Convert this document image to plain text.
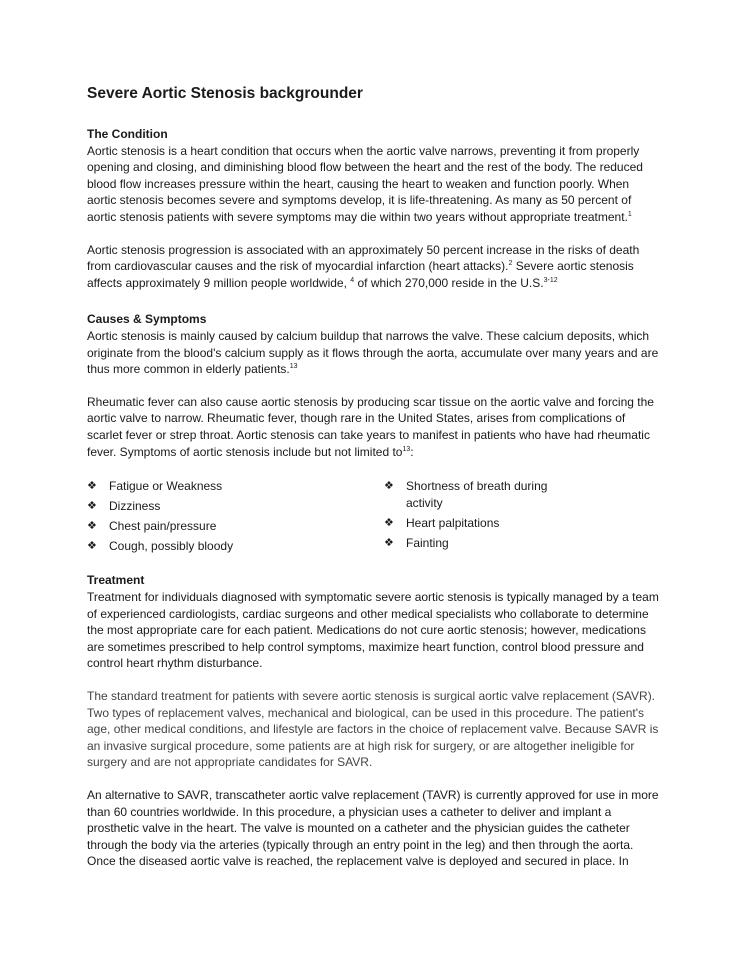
Severe Aortic Stenosis backgrounder
The Condition

Aortic stenosis is a heart condition that occurs when the aortic valve narrows, preventing it from properly opening and closing, and diminishing blood flow between the heart and the rest of the body. The reduced blood flow increases pressure within the heart, causing the heart to weaken and function poorly. When aortic stenosis becomes severe and symptoms develop, it is life-threatening. As many as 50 percent of aortic stenosis patients with severe symptoms may die within two years without appropriate treatment.$^1$

Aortic stenosis progression is associated with an approximately 50 percent increase in the risks of death from cardiovascular causes and the risk of myocardial infarction (heart attacks).$^2$ Severe aortic stenosis affects approximately 9 million people worldwide, $^4$ of which 270,000 reside in the U.S.$^{3-12}$

Causes & Symptoms

Aortic stenosis is mainly caused by calcium buildup that narrows the valve. These calcium deposits, which originate from the blood's calcium supply as it flows through the aorta, accumulate over many years and are thus more common in elderly patients.$^{13}$

Rheumatic fever can also cause aortic stenosis by producing scar tissue on the aortic valve and forcing the aortic valve to narrow. Rheumatic fever, though rare in the United States, arises from complications of scarlet fever or strep throat. Aortic stenosis can take years to manifest in patients who have had rheumatic fever. Symptoms of aortic stenosis include but not limited $to^{13}$:

❖ Fatigue or Weakness
❖ Dizziness
❖ Chest pain/pressure
❖ Cough, possibly bloody
❖ Shortness of breath during activity
❖ Heart palpitations
❖ Fainting
Treatment

Treatment for individuals diagnosed with symptomatic severe aortic stenosis is typically managed by a team of experienced cardiologists, cardiac surgeons and other medical specialists who collaborate to determine the most appropriate care for each patient. Medications do not cure aortic stenosis; however, medications are sometimes prescribed to help control symptoms, maximize heart function, control blood pressure and control heart rhythm disturbance.

The standard treatment for patients with severe aortic stenosis is surgical aortic valve replacement (SAVR). Two types of replacement valves, mechanical and biological, can be used in this procedure. The patient's age, other medical conditions, and lifestyle are factors in the choice of replacement valve. Because SAVR is an invasive surgical procedure, some patients are at high risk for surgery, or are altogether ineligible for surgery and are not appropriate candidates for SAVR.

An alternative to SAVR, transcatheter aortic valve replacement (TAVR) is currently approved for use in more than 60 countries worldwide. In this procedure, a physician uses a catheter to deliver and implant a prosthetic valve in the heart. The valve is mounted on a catheter and the physician guides the catheter through the body via the arteries (typically through an entry point in the leg) and then through the aorta. Once the diseased aortic valve is reached, the replacement valve is deployed and secured in place. In
